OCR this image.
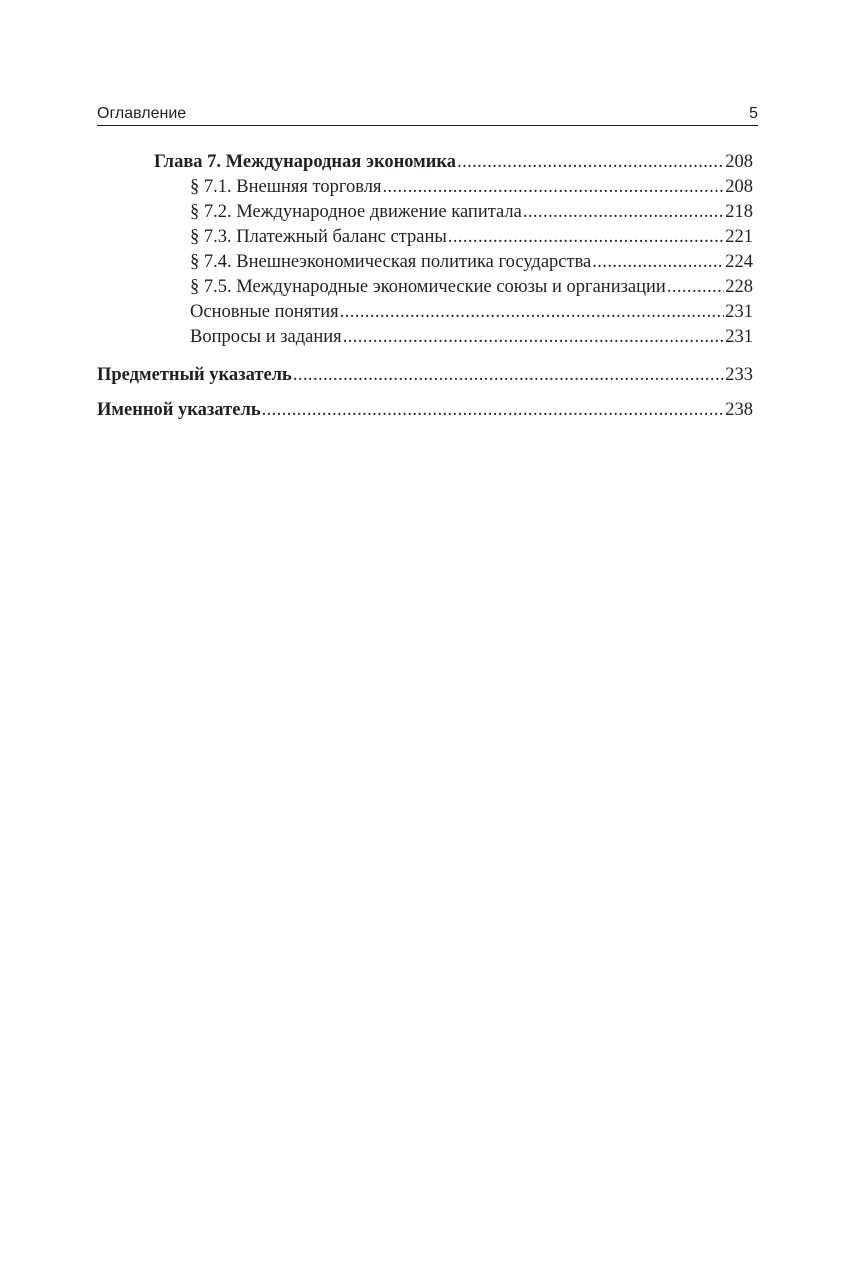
Оглавление	5
Глава 7. Международная экономика .....	208
§ 7.1. Внешняя торговля .....	208
§ 7.2. Международное движение капитала .....	218
§ 7.3. Платежный баланс страны .....	221
§ 7.4. Внешнеэкономическая политика государства .....	224
§ 7.5. Международные экономические союзы и организации .....	228
Основные понятия .....	231
Вопросы и задания .....	231
Предметный указатель .....	233
Именной указатель .....	238
